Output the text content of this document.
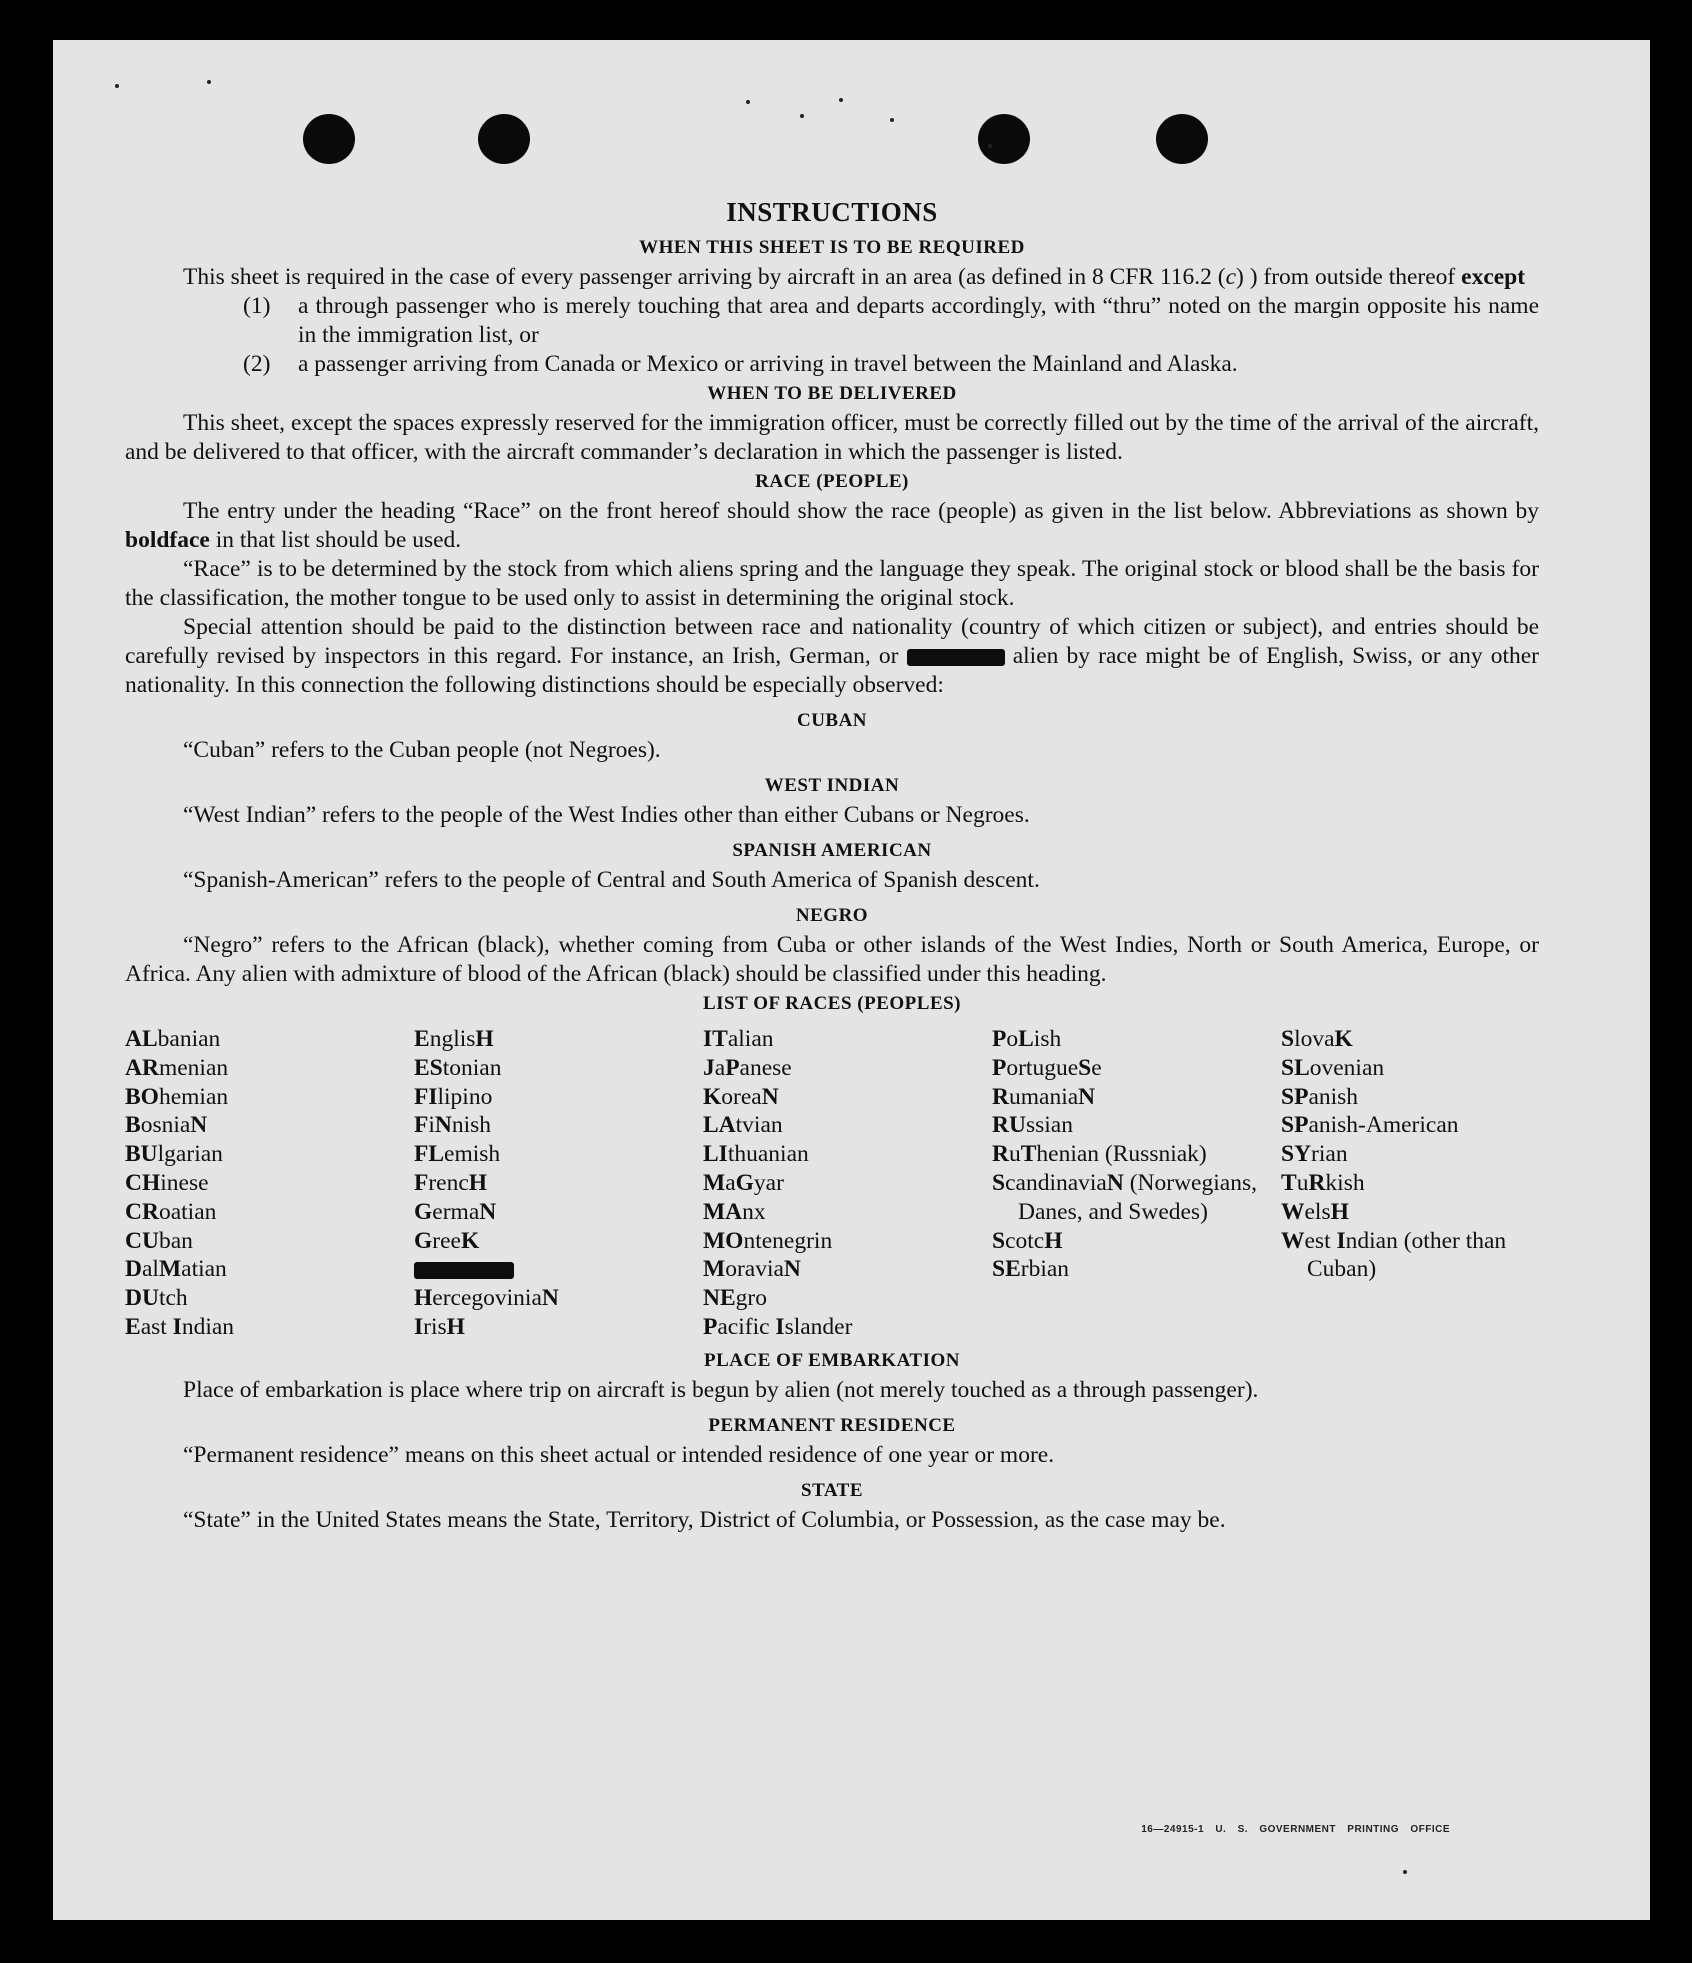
INSTRUCTIONS
WHEN THIS SHEET IS TO BE REQUIRED

This sheet is required in the case of every passenger arriving by aircraft in an area (as defined in 8 CFR 116.2 (c) ) from outside thereof except

(1)	a through passenger who is merely touching that area and departs accordingly, with “thru” noted on the margin opposite his name in the immigration list, or
(2)	a passenger arriving from Canada or Mexico or arriving in travel between the Mainland and Alaska.
WHEN TO BE DELIVERED

This sheet, except the spaces expressly reserved for the immigration officer, must be correctly filled out by the time of the arrival of the aircraft, and be delivered to that officer, with the aircraft commander’s declaration in which the passenger is listed.

RACE (PEOPLE)

The entry under the heading “Race” on the front hereof should show the race (people) as given in the list below. Abbreviations as shown by boldface in that list should be used.

“Race” is to be determined by the stock from which aliens spring and the language they speak. The original stock or blood shall be the basis for the classification, the mother tongue to be used only to assist in determining the original stock.

Special attention should be paid to the distinction between race and nationality (country of which citizen or subject), and entries should be carefully revised by inspectors in this regard. For instance, an Irish, German, or	alien by race might be of English, Swiss, or any other nationality. In this connection the following distinctions should be especially observed:

CUBAN

“Cuban” refers to the Cuban people (not Negroes).

WEST INDIAN

“West Indian” refers to the people of the West Indies other than either Cubans or Negroes.

SPANISH AMERICAN

“Spanish-American” refers to the people of Central and South America of Spanish descent.

NEGRO

“Negro” refers to the African (black), whether coming from Cuba or other islands of the West Indies, North or South America, Europe, or Africa. Any alien with admixture of blood of the African (black) should be classified under this heading.

LIST OF RACES (PEOPLES)
ALbanian
ARmenian
BOhemian
BosniaN
BUlgarian
CHinese
CRoatian
CUban
DalMatian
DUtch
East Indian
EnglisH
EStonian
FIlipino
FiNnish
FLemish
FrencH
GermaN
GreeK
HercegoviniaN
IrisH
ITalian
JaPanese
KoreaN
LAtvian
LIthuanian
MaGyar
MAnx
MOntenegrin
MoraviaN
NEgro
Pacific Islander
PoLish
PortugueSe
RumaniaN
RUssian
RuThenian (Russniak)
ScandinaviaN (Norwegians, Danes, and Swedes)
ScotcH
SErbian
SlovaK
SLovenian
SPanish
SPanish-American
SYrian
TuRkish
WelsH
West Indian (other than Cuban)
PLACE OF EMBARKATION

Place of embarkation is place where trip on aircraft is begun by alien (not merely touched as a through passenger).

PERMANENT RESIDENCE

“Permanent residence” means on this sheet actual or intended residence of one year or more.

STATE

“State” in the United States means the State, Territory, District of Columbia, or Possession, as the case may be.

16—24915-1 U. S. GOVERNMENT PRINTING OFFICE
